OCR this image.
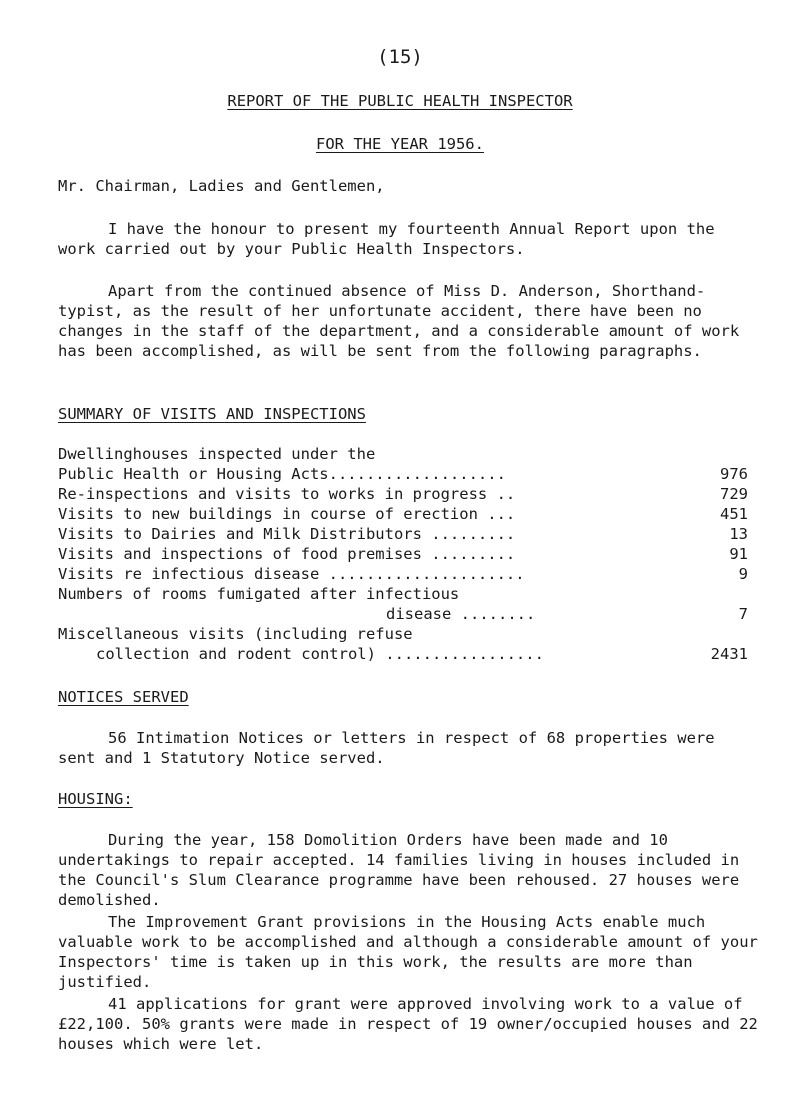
(15)
REPORT OF THE PUBLIC HEALTH INSPECTOR
FOR THE YEAR 1956.
Mr. Chairman, Ladies and Gentlemen,
I have the honour to present my fourteenth Annual Report upon the work carried out by your Public Health Inspectors.
Apart from the continued absence of Miss D. Anderson, Shorthand-typist, as the result of her unfortunate accident, there have been no changes in the staff of the department, and a considerable amount of work has been accomplished, as will be sent from the following paragraphs.
SUMMARY OF VISITS AND INSPECTIONS
Dwellinghouses inspected under the
Public Health or Housing Acts...................	976
Re-inspections and visits to works in progress ..	729
Visits to new buildings in course of erection ...	451
Visits to Dairies and Milk Distributors .........	13
Visits and inspections of food premises .........	91
Visits re infectious disease .....................	9
Numbers of rooms fumigated after infectious
disease ........	7
Miscellaneous visits (including refuse
collection and rodent control) .................	2431
NOTICES SERVED
56 Intimation Notices or letters in respect of 68 properties were sent and 1 Statutory Notice served.
HOUSING:
During the year, 158 Domolition Orders have been made and 10 undertakings to repair accepted. 14 families living in houses included in the Council's Slum Clearance programme have been rehoused. 27 houses were demolished.
The Improvement Grant provisions in the Housing Acts enable much valuable work to be accomplished and although a considerable amount of your Inspectors' time is taken up in this work, the results are more than justified.
41 applications for grant were approved involving work to a value of £22,100. 50% grants were made in respect of 19 owner/occupied houses and 22 houses which were let.
